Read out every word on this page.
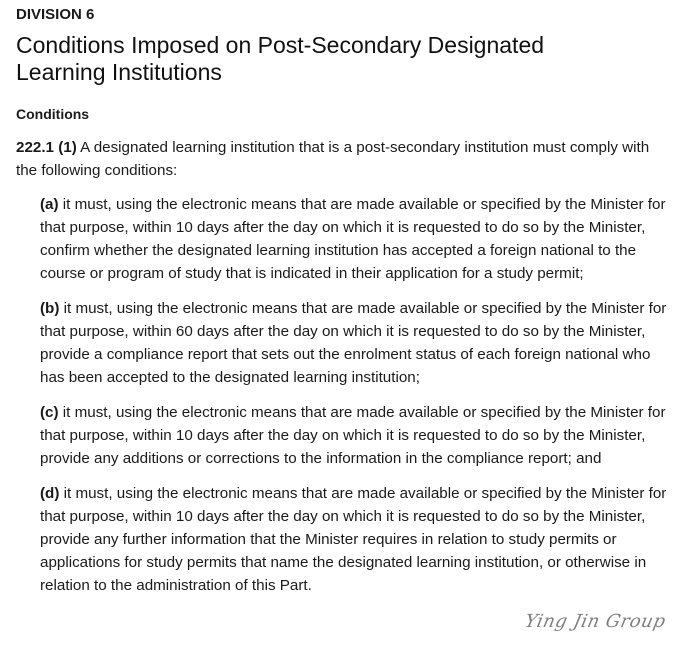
DIVISION 6
Conditions Imposed on Post-Secondary Designated
Learning Institutions
Conditions

222.1 (1) A designated learning institution that is a post-secondary institution must comply with the following conditions:

(a) it must, using the electronic means that are made available or specified by the Minister for that purpose, within 10 days after the day on which it is requested to do so by the Minister, confirm whether the designated learning institution has accepted a foreign national to the course or program of study that is indicated in their application for a study permit;

(b) it must, using the electronic means that are made available or specified by the Minister for that purpose, within 60 days after the day on which it is requested to do so by the Minister, provide a compliance report that sets out the enrolment status of each foreign national who has been accepted to the designated learning institution;

(c) it must, using the electronic means that are made available or specified by the Minister for that purpose, within 10 days after the day on which it is requested to do so by the Minister, provide any additions or corrections to the information in the compliance report; and

(d) it must, using the electronic means that are made available or specified by the Minister for that purpose, within 10 days after the day on which it is requested to do so by the Minister, provide any further information that the Minister requires in relation to study permits or applications for study permits that name the designated learning institution, or otherwise in relation to the administration of this Part.

Ying Jin Group
